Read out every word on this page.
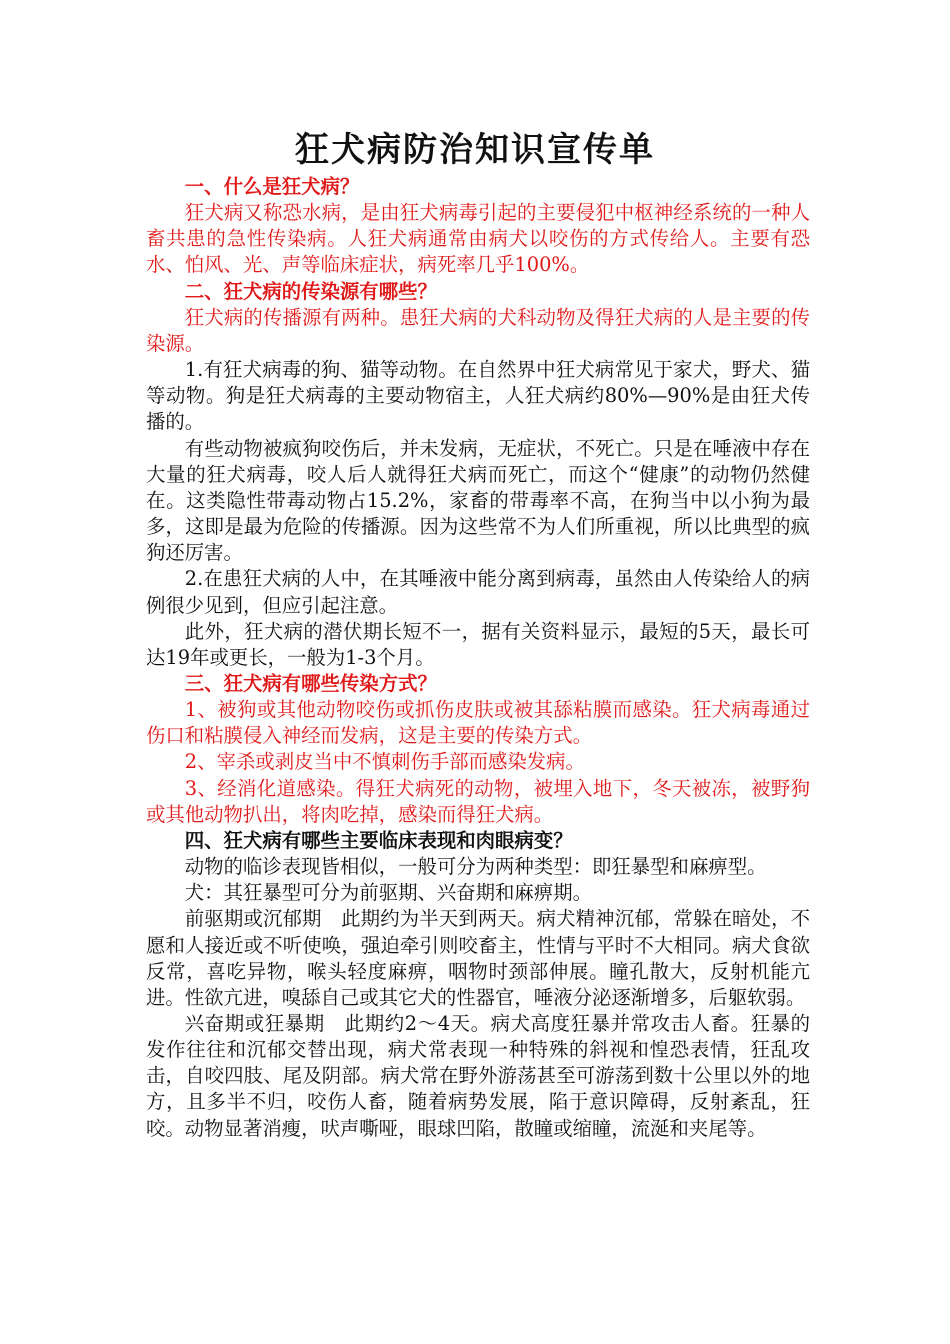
狂犬病防治知识宣传单
一、什么是狂犬病？

狂犬病又称恐水病，是由狂犬病毒引起的主要侵犯中枢神经系统的一种人畜共患的急性传染病。人狂犬病通常由病犬以咬伤的方式传给人。主要有恐水、怕风、光、声等临床症状，病死率几乎100%。

二、狂犬病的传染源有哪些？

狂犬病的传播源有两种。患狂犬病的犬科动物及得狂犬病的人是主要的传染源。

1.有狂犬病毒的狗、猫等动物。在自然界中狂犬病常见于家犬，野犬、猫等动物。狗是狂犬病毒的主要动物宿主，人狂犬病约80%—90%是由狂犬传播的。

有些动物被疯狗咬伤后，并未发病，无症状，不死亡。只是在唾液中存在大量的狂犬病毒，咬人后人就得狂犬病而死亡，而这个“健康”的动物仍然健在。这类隐性带毒动物占15.2%，家畜的带毒率不高，在狗当中以小狗为最多，这即是最为危险的传播源。因为这些常不为人们所重视，所以比典型的疯狗还厉害。

2.在患狂犬病的人中，在其唾液中能分离到病毒，虽然由人传染给人的病例很少见到，但应引起注意。

此外，狂犬病的潜伏期长短不一，据有关资料显示，最短的5天，最长可达19年或更长，一般为1-3个月。

三、狂犬病有哪些传染方式？

1、被狗或其他动物咬伤或抓伤皮肤或被其舔粘膜而感染。狂犬病毒通过伤口和粘膜侵入神经而发病，这是主要的传染方式。

2、宰杀或剥皮当中不慎刺伤手部而感染发病。

3、经消化道感染。得狂犬病死的动物，被埋入地下，冬天被冻，被野狗或其他动物扒出，将肉吃掉，感染而得狂犬病。

四、狂犬病有哪些主要临床表现和肉眼病变？

动物的临诊表现皆相似，一般可分为两种类型：即狂暴型和麻痹型。

犬：其狂暴型可分为前驱期、兴奋期和麻痹期。

前驱期或沉郁期　此期约为半天到两天。病犬精神沉郁，常躲在暗处，不愿和人接近或不听使唤，强迫牵引则咬畜主，性情与平时不大相同。病犬食欲反常，喜吃异物，喉头轻度麻痹，咽物时颈部伸展。瞳孔散大，反射机能亢进。性欲亢进，嗅舔自己或其它犬的性器官，唾液分泌逐渐增多，后躯软弱。

兴奋期或狂暴期　此期约2～4天。病犬高度狂暴并常攻击人畜。狂暴的发作往往和沉郁交替出现，病犬常表现一种特殊的斜视和惶恐表情，狂乱攻击，自咬四肢、尾及阴部。病犬常在野外游荡甚至可游荡到数十公里以外的地方，且多半不归，咬伤人畜，随着病势发展，陷于意识障碍，反射紊乱，狂咬。动物显著消瘦，吠声嘶哑，眼球凹陷，散瞳或缩瞳，流涎和夹尾等。
